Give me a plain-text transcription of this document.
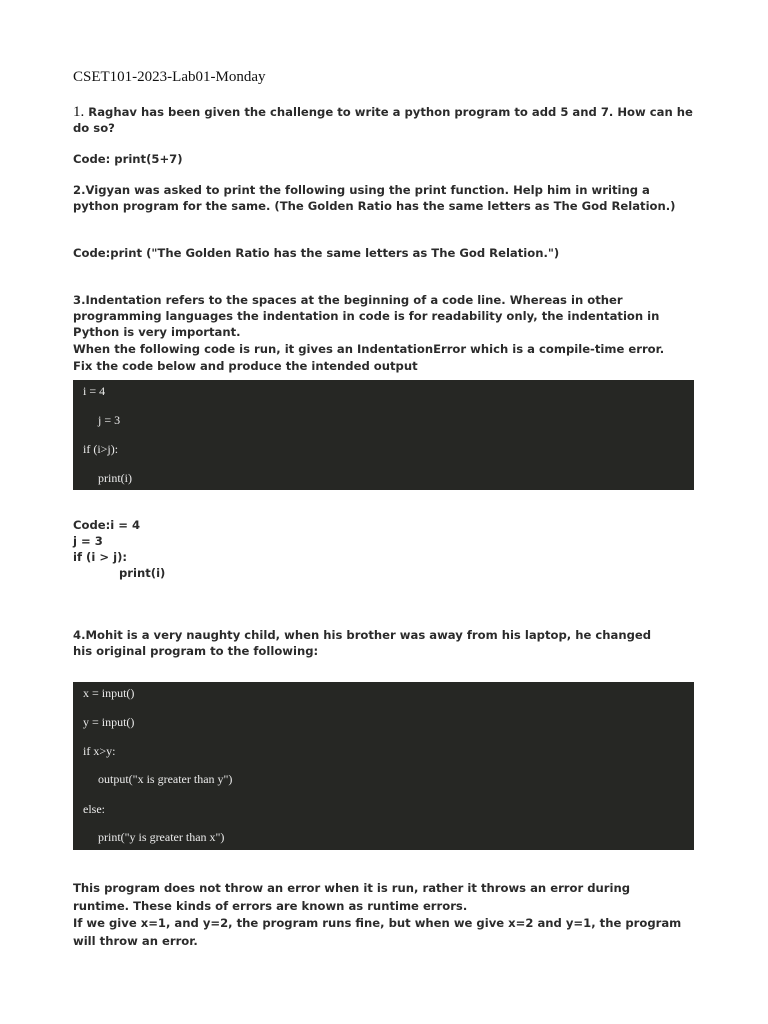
CSET101-2023-Lab01-Monday
1. Raghav has been given the challenge to write a python program to add 5 and 7. How can he do so?
Code: print(5+7)
2.Vigyan was asked to print the following using the print function. Help him in writing a python program for the same. (The Golden Ratio has the same letters as The God Relation.)
Code:print ("The Golden Ratio has the same letters as The God Relation.")
3.Indentation refers to the spaces at the beginning of a code line. Whereas in other
programming languages the indentation in code is for readability only, the indentation in
Python is very important.
When the following code is run, it gives an IndentationError which is a compile-time error.
Fix the code below and produce the intended output
i = 4
j = 3
if (i>j):
print(i)
Code:i = 4
j = 3
if (i > j):
print(i)
4.Mohit is a very naughty child, when his brother was away from his laptop, he changed
his original program to the following:
x = input()
y = input()
if x>y:
output("x is greater than y")
else:
print("y is greater than x")
This program does not throw an error when it is run, rather it throws an error during
runtime. These kinds of errors are known as runtime errors.
If we give x=1, and y=2, the program runs fine, but when we give x=2 and y=1, the program
will throw an error.
